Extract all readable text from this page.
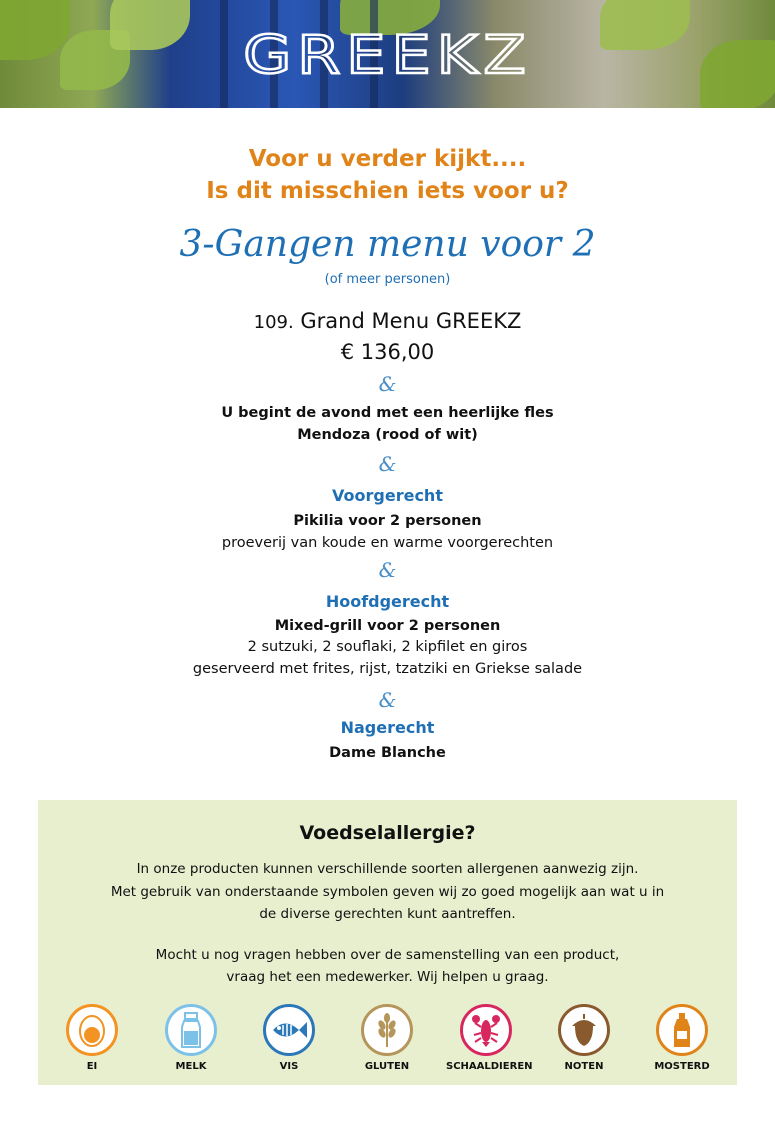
GREEKZ
Voor u verder kijkt....
Is dit misschien iets voor u?
3-Gangen menu voor 2
(of meer personen)
109. Grand Menu GREEKZ
€ 136,00
&
U begint de avond met een heerlijke fles
Mendoza (rood of wit)
&
Voorgerecht
Pikilia voor 2 personen
proeverij van koude en warme voorgerechten
&
Hoofdgerecht
Mixed-grill voor 2 personen
2 sutzuki, 2 souflaki, 2 kipfilet en giros
geserveerd met frites, rijst, tzatziki en Griekse salade
&
Nagerecht
Dame Blanche
Voedselallergie?
In onze producten kunnen verschillende soorten allergenen aanwezig zijn.
Met gebruik van onderstaande symbolen geven wij zo goed mogelijk aan wat u in
de diverse gerechten kunt aantreffen.
Mocht u nog vragen hebben over de samenstelling van een product,
vraag het een medewerker. Wij helpen u graag.
EI	MELK	VIS	GLUTEN	SCHAALDIEREN	NOTEN	MOSTERD
